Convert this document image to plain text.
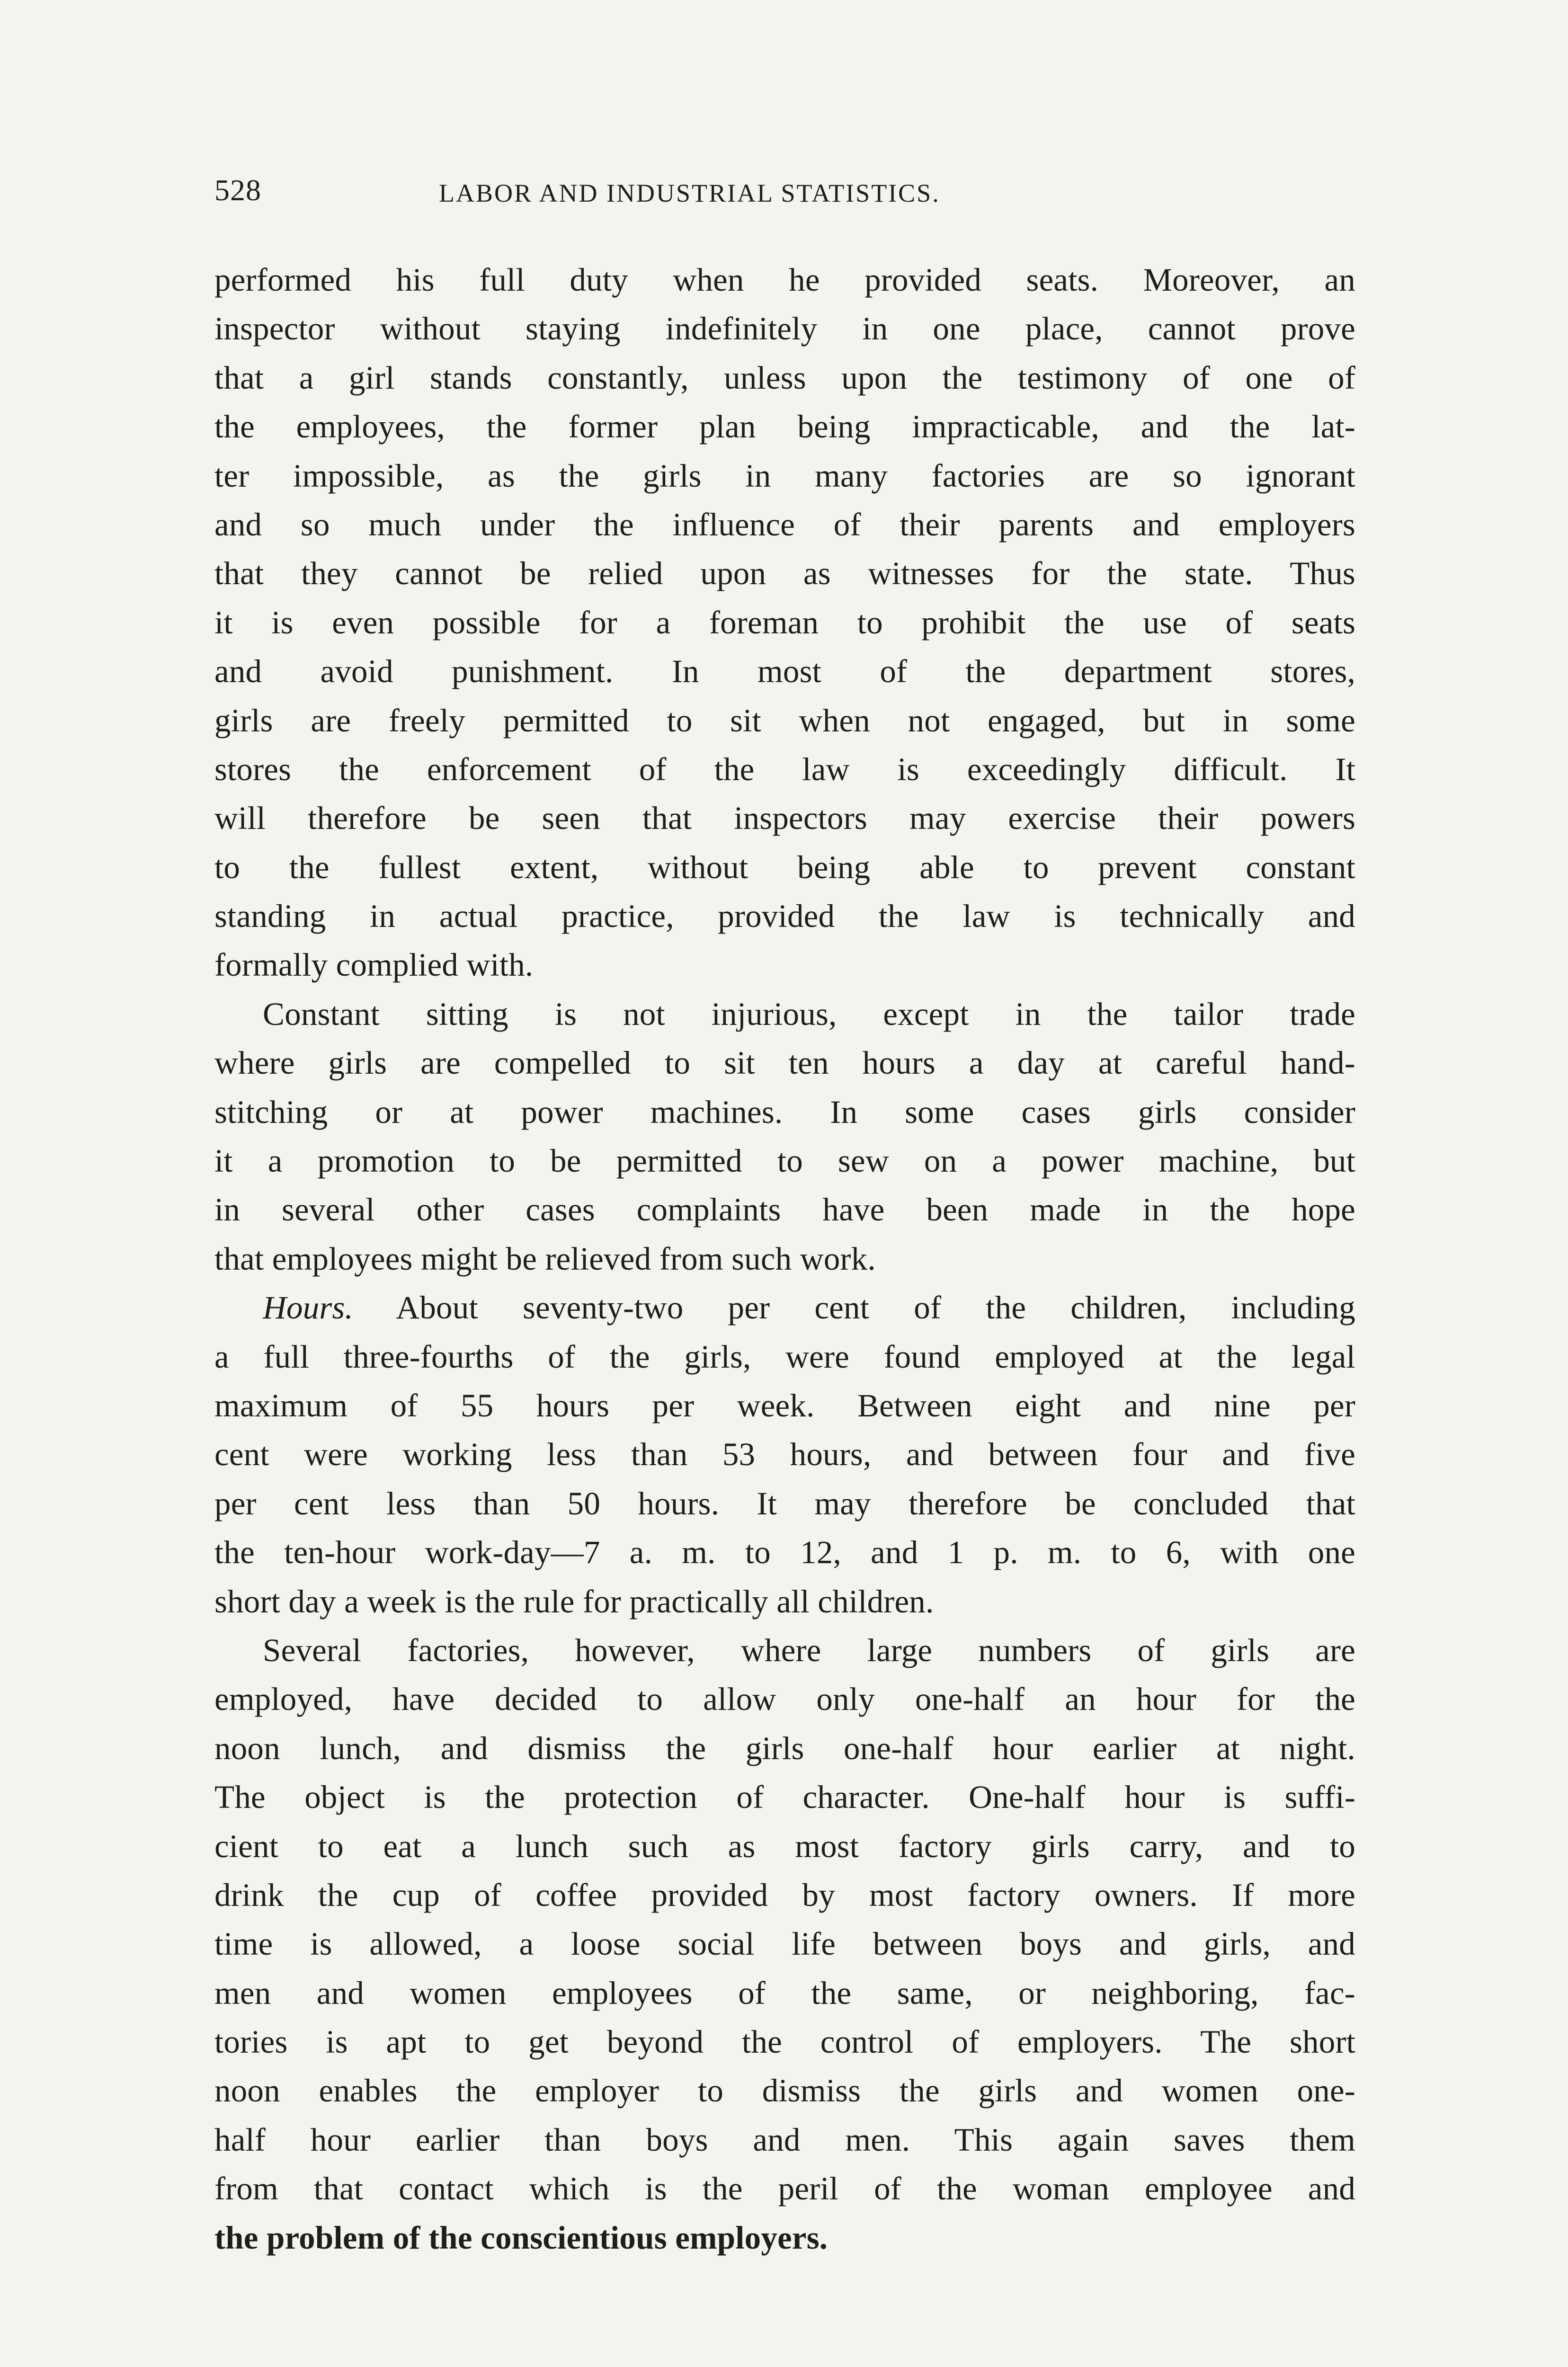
528	LABOR AND INDUSTRIAL STATISTICS.
performed his full duty when he provided seats. Moreover, an
inspector without staying indefinitely in one place, cannot prove
that a girl stands constantly, unless upon the testimony of one of
the employees, the former plan being impracticable, and the lat-
ter impossible, as the girls in many factories are so ignorant
and so much under the influence of their parents and employers
that they cannot be relied upon as witnesses for the state. Thus
it is even possible for a foreman to prohibit the use of seats
and avoid punishment. In most of the department stores,
girls are freely permitted to sit when not engaged, but in some
stores the enforcement of the law is exceedingly difficult. It
will therefore be seen that inspectors may exercise their powers
to the fullest extent, without being able to prevent constant
standing in actual practice, provided the law is technically and
formally complied with.
Constant sitting is not injurious, except in the tailor trade
where girls are compelled to sit ten hours a day at careful hand-
stitching or at power machines. In some cases girls consider
it a promotion to be permitted to sew on a power machine, but
in several other cases complaints have been made in the hope
that employees might be relieved from such work.
Hours. About seventy-two per cent of the children, including
a full three-fourths of the girls, were found employed at the legal
maximum of 55 hours per week. Between eight and nine per
cent were working less than 53 hours, and between four and five
per cent less than 50 hours. It may therefore be concluded that
the ten-hour work-day—7 a. m. to 12, and 1 p. m. to 6, with one
short day a week is the rule for practically all children.
Several factories, however, where large numbers of girls are
employed, have decided to allow only one-half an hour for the
noon lunch, and dismiss the girls one-half hour earlier at night.
The object is the protection of character. One-half hour is suffi-
cient to eat a lunch such as most factory girls carry, and to
drink the cup of coffee provided by most factory owners. If more
time is allowed, a loose social life between boys and girls, and
men and women employees of the same, or neighboring, fac-
tories is apt to get beyond the control of employers. The short
noon enables the employer to dismiss the girls and women one-
half hour earlier than boys and men. This again saves them
from that contact which is the peril of the woman employee and
the problem of the conscientious employers.
